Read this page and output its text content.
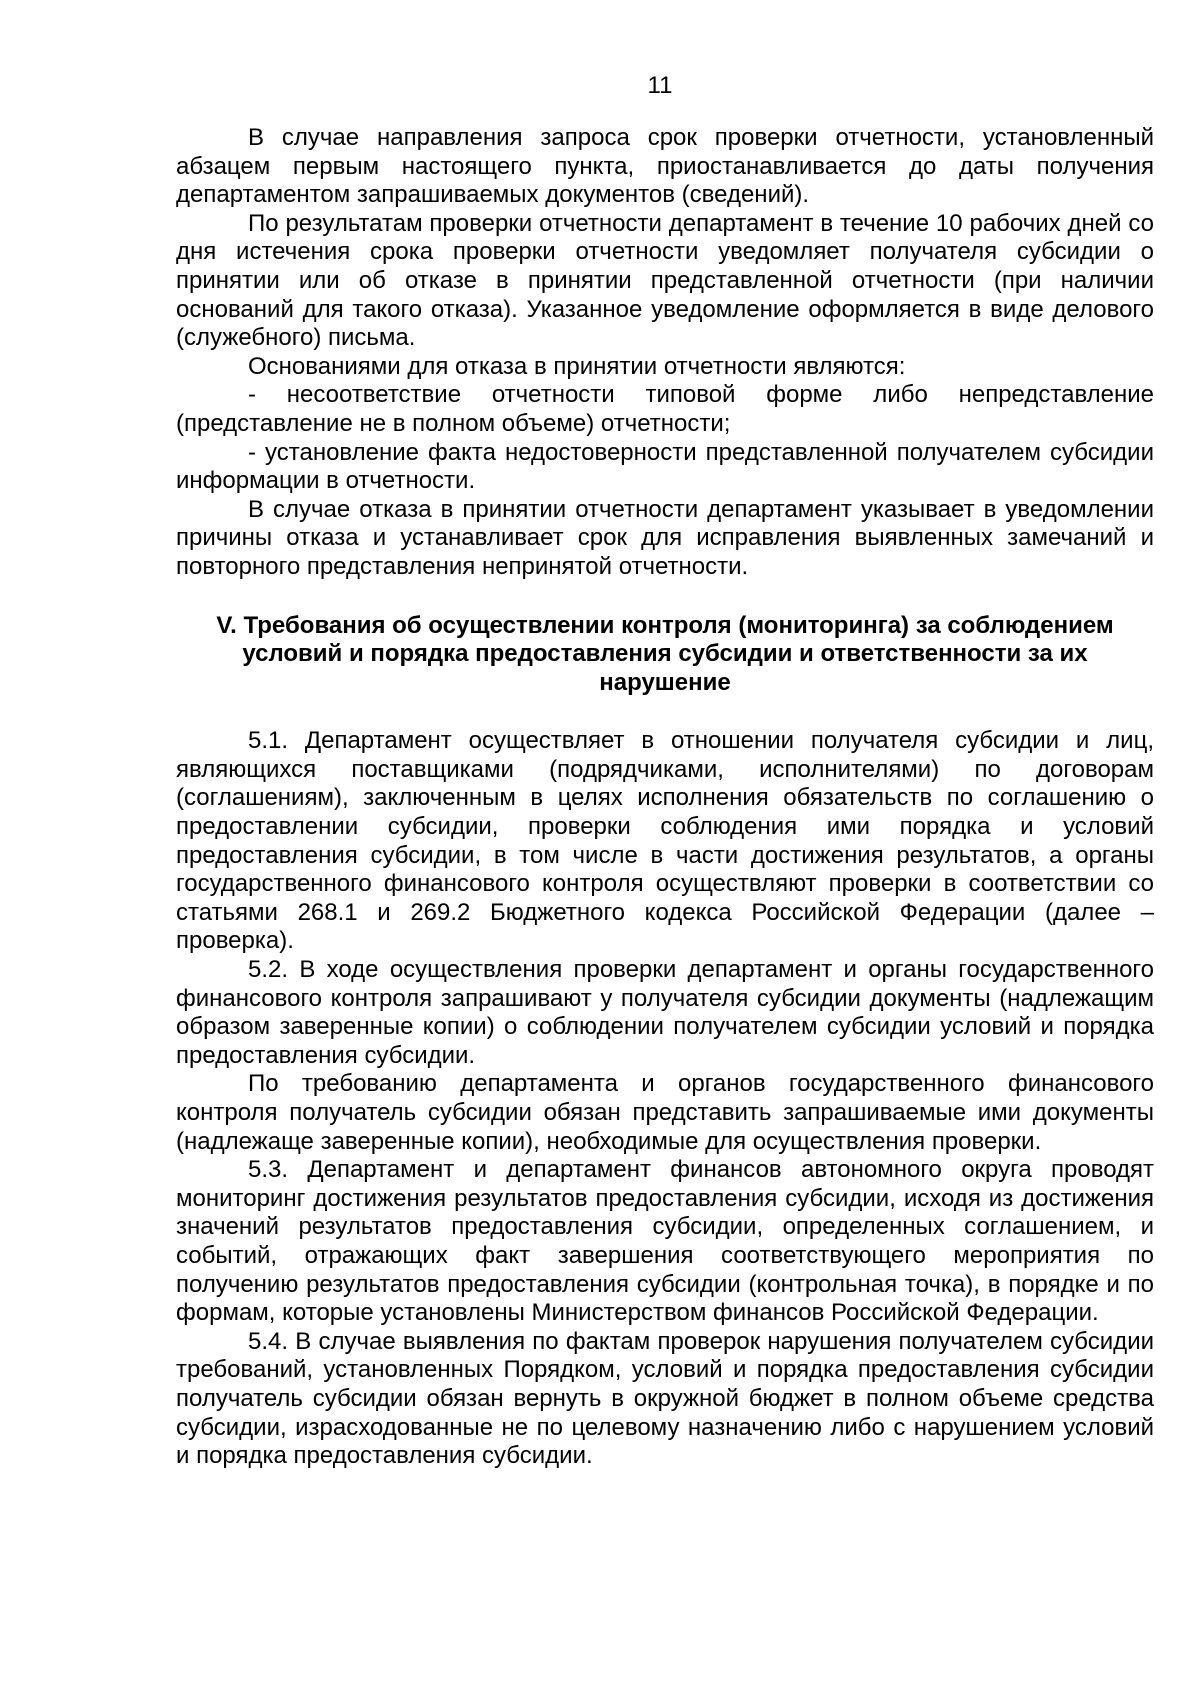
11

В случае направления запроса срок проверки отчетности, установленный абзацем первым настоящего пункта, приостанавливается до даты получения департаментом запрашиваемых документов (сведений).

По результатам проверки отчетности департамент в течение 10 рабочих дней со дня истечения срока проверки отчетности уведомляет получателя субсидии о принятии или об отказе в принятии представленной отчетности (при наличии оснований для такого отказа). Указанное уведомление оформляется в виде делового (служебного) письма.

Основаниями для отказа в принятии отчетности являются:

- несоответствие отчетности типовой форме либо непредставление (представление не в полном объеме) отчетности;

- установление факта недостоверности представленной получателем субсидии информации в отчетности.

В случае отказа в принятии отчетности департамент указывает в уведомлении причины отказа и устанавливает срок для исправления выявленных замечаний и повторного представления непринятой отчетности.

V. Требования об осуществлении контроля (мониторинга) за соблюдением условий и порядка предоставления субсидии и ответственности за их нарушение

5.1. Департамент осуществляет в отношении получателя субсидии и лиц, являющихся поставщиками (подрядчиками, исполнителями) по договорам (соглашениям), заключенным в целях исполнения обязательств по соглашению о предоставлении субсидии, проверки соблюдения ими порядка и условий предоставления субсидии, в том числе в части достижения результатов, а органы государственного финансового контроля осуществляют проверки в соответствии со статьями 268.1 и 269.2 Бюджетного кодекса Российской Федерации (далее – проверка).

5.2. В ходе осуществления проверки департамент и органы государственного финансового контроля запрашивают у получателя субсидии документы (надлежащим образом заверенные копии) о соблюдении получателем субсидии условий и порядка предоставления субсидии.

По требованию департамента и органов государственного финансового контроля получатель субсидии обязан представить запрашиваемые ими документы (надлежаще заверенные копии), необходимые для осуществления проверки.

5.3. Департамент и департамент финансов автономного округа проводят мониторинг достижения результатов предоставления субсидии, исходя из достижения значений результатов предоставления субсидии, определенных соглашением, и событий, отражающих факт завершения соответствующего мероприятия по получению результатов предоставления субсидии (контрольная точка), в порядке и по формам, которые установлены Министерством финансов Российской Федерации.

5.4. В случае выявления по фактам проверок нарушения получателем субсидии требований, установленных Порядком, условий и порядка предоставления субсидии получатель субсидии обязан вернуть в окружной бюджет в полном объеме средства субсидии, израсходованные не по целевому назначению либо с нарушением условий и порядка предоставления субсидии.
